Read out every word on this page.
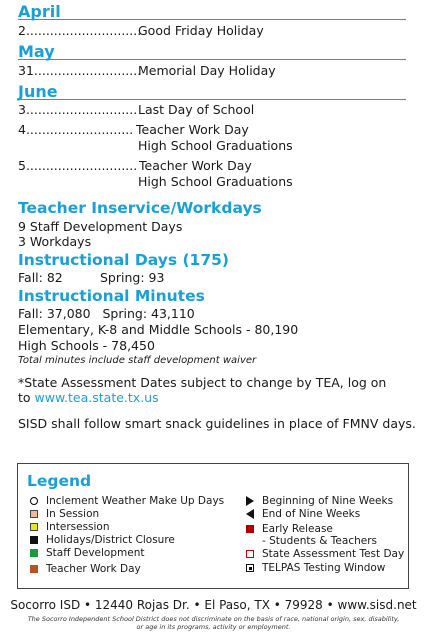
April
2.............................
Good Friday Holiday
May
31...........................
Memorial Day Holiday
June
3............................ Last Day of School
4........................... Teacher Work Day
High School Graduations
5............................ Teacher Work Day
High School Graduations
Teacher Inservice/Workdays
9 Staff Development Days
3 Workdays
Instructional Days (175)
Fall: 82	Spring: 93
Instructional Minutes
Fall: 37,080   Spring: 43,110
Elementary, K-8 and Middle Schools - 80,190
High Schools - 78,450
Total minutes include staff development waiver
*State Assessment Dates subject to change by TEA, log on
to www.tea.state.tx.us
SISD shall follow smart snack guidelines in place of FMNV days.
Legend
Inclement Weather Make Up Days
In Session
Intersession
Holidays/District Closure
Staff Development
Teacher Work Day
Beginning of Nine Weeks
End of Nine Weeks
Early Release
- Students & Teachers
State Assessment Test Day
TELPAS Testing Window
Socorro ISD • 12440 Rojas Dr. • El Paso, TX • 79928 • www.sisd.net
The Socorro Independent School District does not discriminate on the basis of race, national origin, sex, disability,
or age in its programs, activity or employment.
